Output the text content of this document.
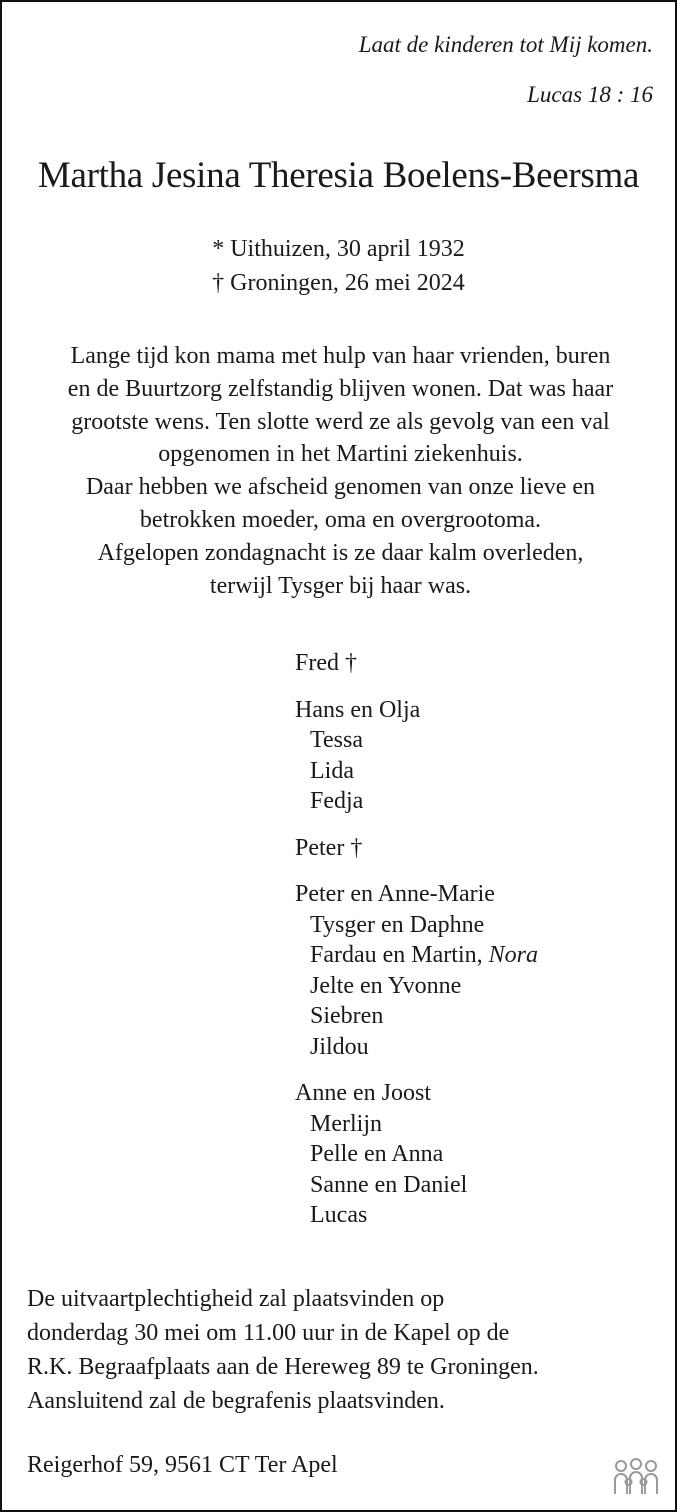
Laat de kinderen tot Mij komen.
Lucas 18 : 16
Martha Jesina Theresia Boelens-Beersma
* Uithuizen, 30 april 1932
† Groningen, 26 mei 2024
Lange tijd kon mama met hulp van haar vrienden, buren
en de Buurtzorg zelfstandig blijven wonen. Dat was haar
grootste wens. Ten slotte werd ze als gevolg van een val
opgenomen in het Martini ziekenhuis.
Daar hebben we afscheid genomen van onze lieve en
betrokken moeder, oma en overgrootoma.
Afgelopen zondagnacht is ze daar kalm overleden,
terwijl Tysger bij haar was.
Fred †
Hans en Olja
Tessa
Lida
Fedja
Peter †
Peter en Anne-Marie
Tysger en Daphne
Fardau en Martin, Nora
Jelte en Yvonne
Siebren
Jildou
Anne en Joost
Merlijn
Pelle en Anna
Sanne en Daniel
Lucas
De uitvaartplechtigheid zal plaatsvinden op
donderdag 30 mei om 11.00 uur in de Kapel op de
R.K. Begraafplaats aan de Hereweg 89 te Groningen.
Aansluitend zal de begrafenis plaatsvinden.
Reigerhof 59, 9561 CT Ter Apel
